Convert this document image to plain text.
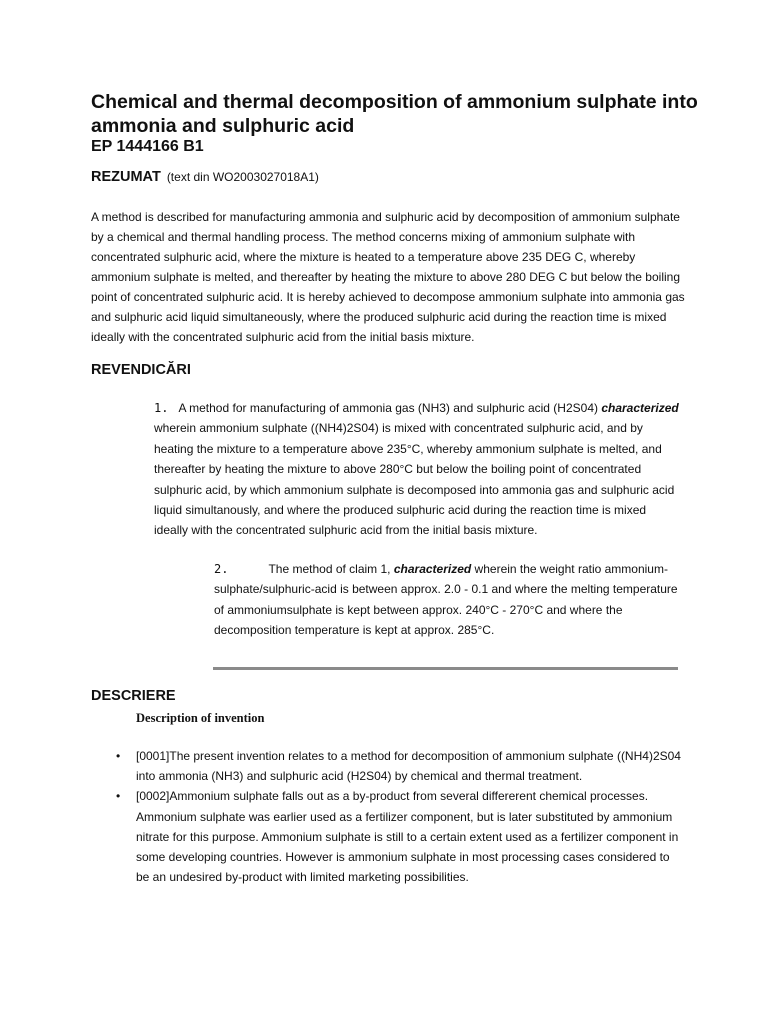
Chemical and thermal decomposition of ammonium sulphate into ammonia and sulphuric acid
EP 1444166 B1
REZUMAT (text din WO2003027018A1)

A method is described for manufacturing ammonia and sulphuric acid by decomposition of ammonium sulphate by a chemical and thermal handling process. The method concerns mixing of ammonium sulphate with concentrated sulphuric acid, where the mixture is heated to a temperature above 235 DEG C, whereby ammonium sulphate is melted, and thereafter by heating the mixture to above 280 DEG C but below the boiling point of concentrated sulphuric acid. It is hereby achieved to decompose ammonium sulphate into ammonia gas and sulphuric acid liquid simultaneously, where the produced sulphuric acid during the reaction time is mixed ideally with the concentrated sulphuric acid from the initial basis mixture.

REVENDICĂRI

1. A method for manufacturing of ammonia gas (NH3) and sulphuric acid (H2S04) characterized wherein ammonium sulphate ((NH4)2S04) is mixed with concentrated sulphuric acid, and by heating the mixture to a temperature above 235°C, whereby ammonium sulphate is melted, and thereafter by heating the mixture to above 280°C but below the boiling point of concentrated sulphuric acid, by which ammonium sulphate is decomposed into ammonia gas and sulphuric acid liquid simultanously, and where the produced sulphuric acid during the reaction time is mixed ideally with the concentrated sulphuric acid from the initial basis mixture.

2.	The method of claim 1, characterized wherein the weight ratio ammonium-sulphate/sulphuric-acid is between approx. 2.0 - 0.1 and where the melting temperature of ammoniumsulphate is kept between approx. 240°C - 270°C and where the decomposition temperature is kept at approx. 285°C.

DESCRIERE
Description of invention
• [0001]The present invention relates to a method for decomposition of ammonium sulphate ((NH4)2S04 into ammonia (NH3) and sulphuric acid (H2S04) by chemical and thermal treatment.
• [0002]Ammonium sulphate falls out as a by-product from several differerent chemical processes. Ammonium sulphate was earlier used as a fertilizer component, but is later substituted by ammonium nitrate for this purpose. Ammonium sulphate is still to a certain extent used as a fertilizer component in some developing countries. However is ammonium sulphate in most processing cases considered to be an undesired by-product with limited marketing possibilities.
